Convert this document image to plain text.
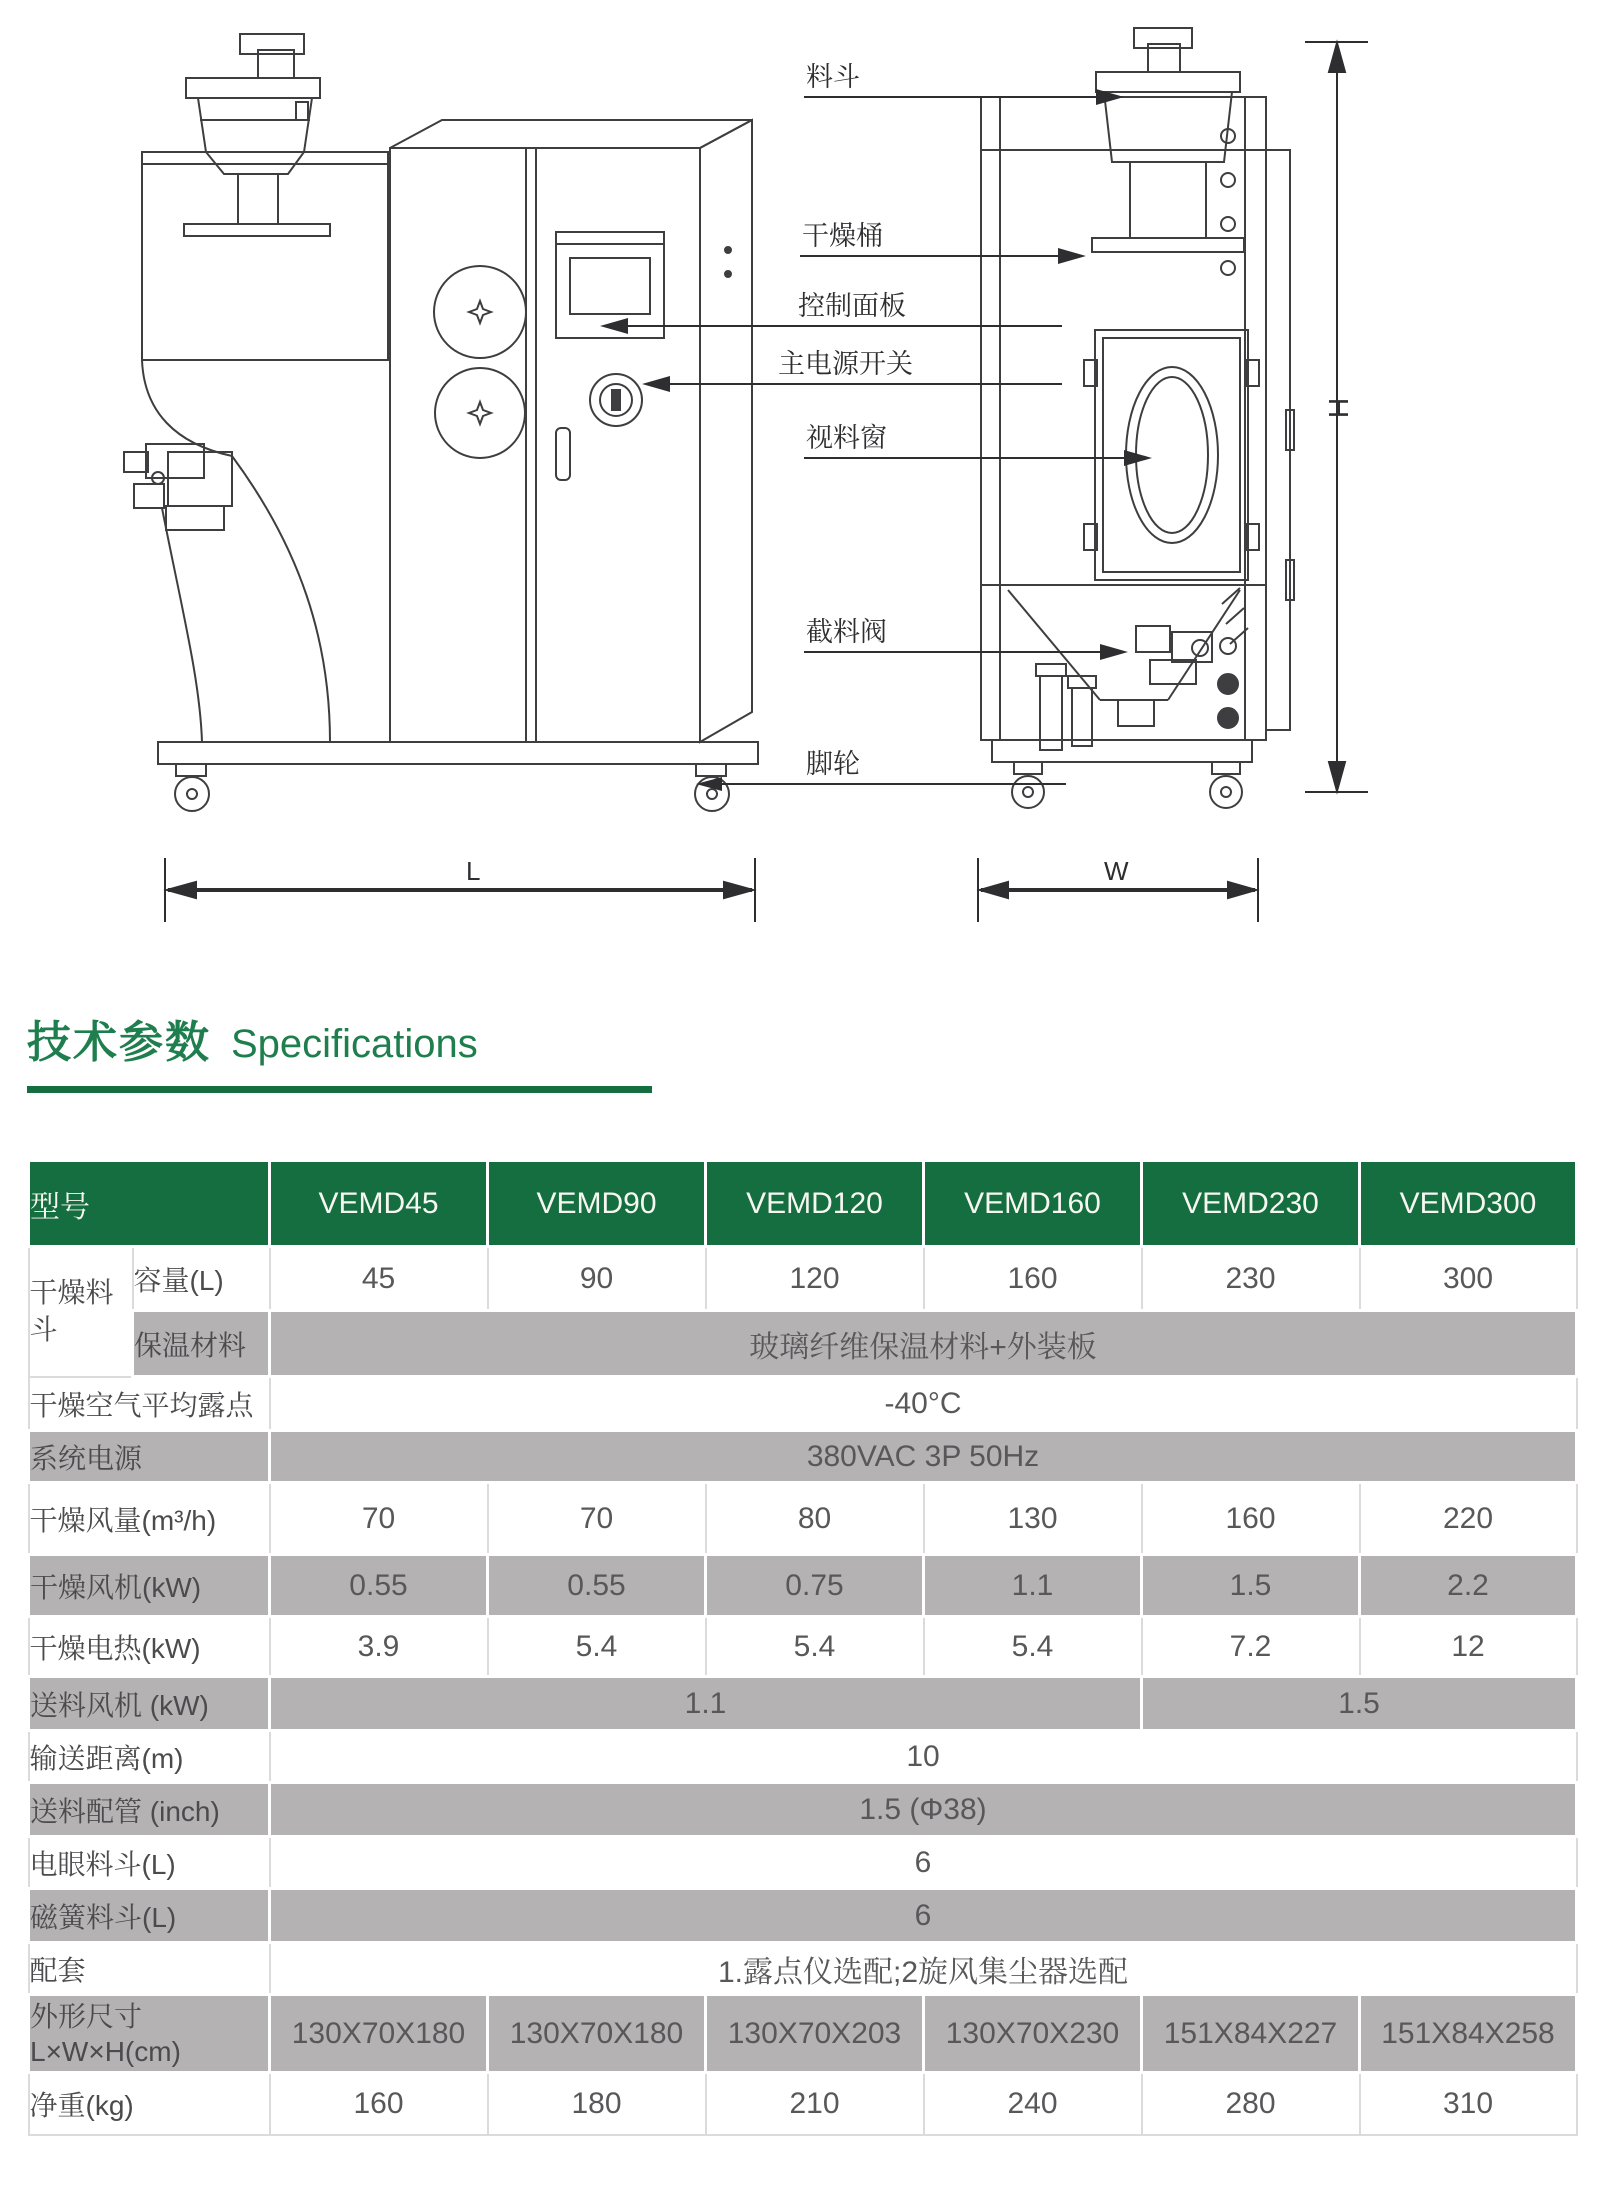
料斗
干燥桶
控制面板
主电源开关
视料窗
截料阀
脚轮
L	W
H
技术参数 Specifications
型号		VEMD45	VEMD90	VEMD120	VEMD160	VEMD230	VEMD300
干燥料斗	容量(L)	45	90	120	160	230	300
	保温材料	玻璃纤维保温材料+外装板					
干燥空气平均露点		-40°C					
系统电源		380VAC 3P 50Hz					
干燥风量(m³/h)		70	70	80	130	160	220
干燥风机(kW)		0.55	0.55	0.75	1.1	1.5	2.2
干燥电热(kW)		3.9	5.4	5.4	5.4	7.2	12
送料风机 (kW)		1.1				1.5	
输送距离(m)		10					
送料配管 (inch)		1.5 (Φ38)					
电眼料斗(L)		6					
磁簧料斗(L)		6					
配套		1.露点仪选配;2旋风集尘器选配					

外形尺寸
L×W×H(cm)		130X70X180	130X70X180	130X70X203	130X70X230	151X84X227	151X84X258
净重(kg)		160	180	210	240	280	310
